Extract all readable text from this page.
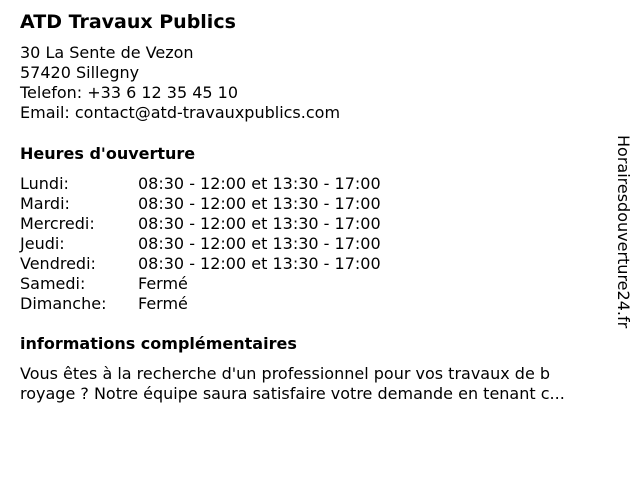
ATD Travaux Publics
30 La Sente de Vezon
57420 Sillegny
Telefon: +33 6 12 35 45 10
Email: contact@atd-travauxpublics.com
Heures d'ouverture
Lundi:	08:30 - 12:00 et 13:30 - 17:00
Mardi:	08:30 - 12:00 et 13:30 - 17:00
Mercredi:	08:30 - 12:00 et 13:30 - 17:00
Jeudi:	08:30 - 12:00 et 13:30 - 17:00
Vendredi:	08:30 - 12:00 et 13:30 - 17:00
Samedi:	Fermé
Dimanche: Fermé
informations complémentaires
Vous êtes à la recherche d'un professionnel pour vos travaux de b
royage ? Notre équipe saura satisfaire votre demande en tenant c...
Horairesdouverture24.fr
